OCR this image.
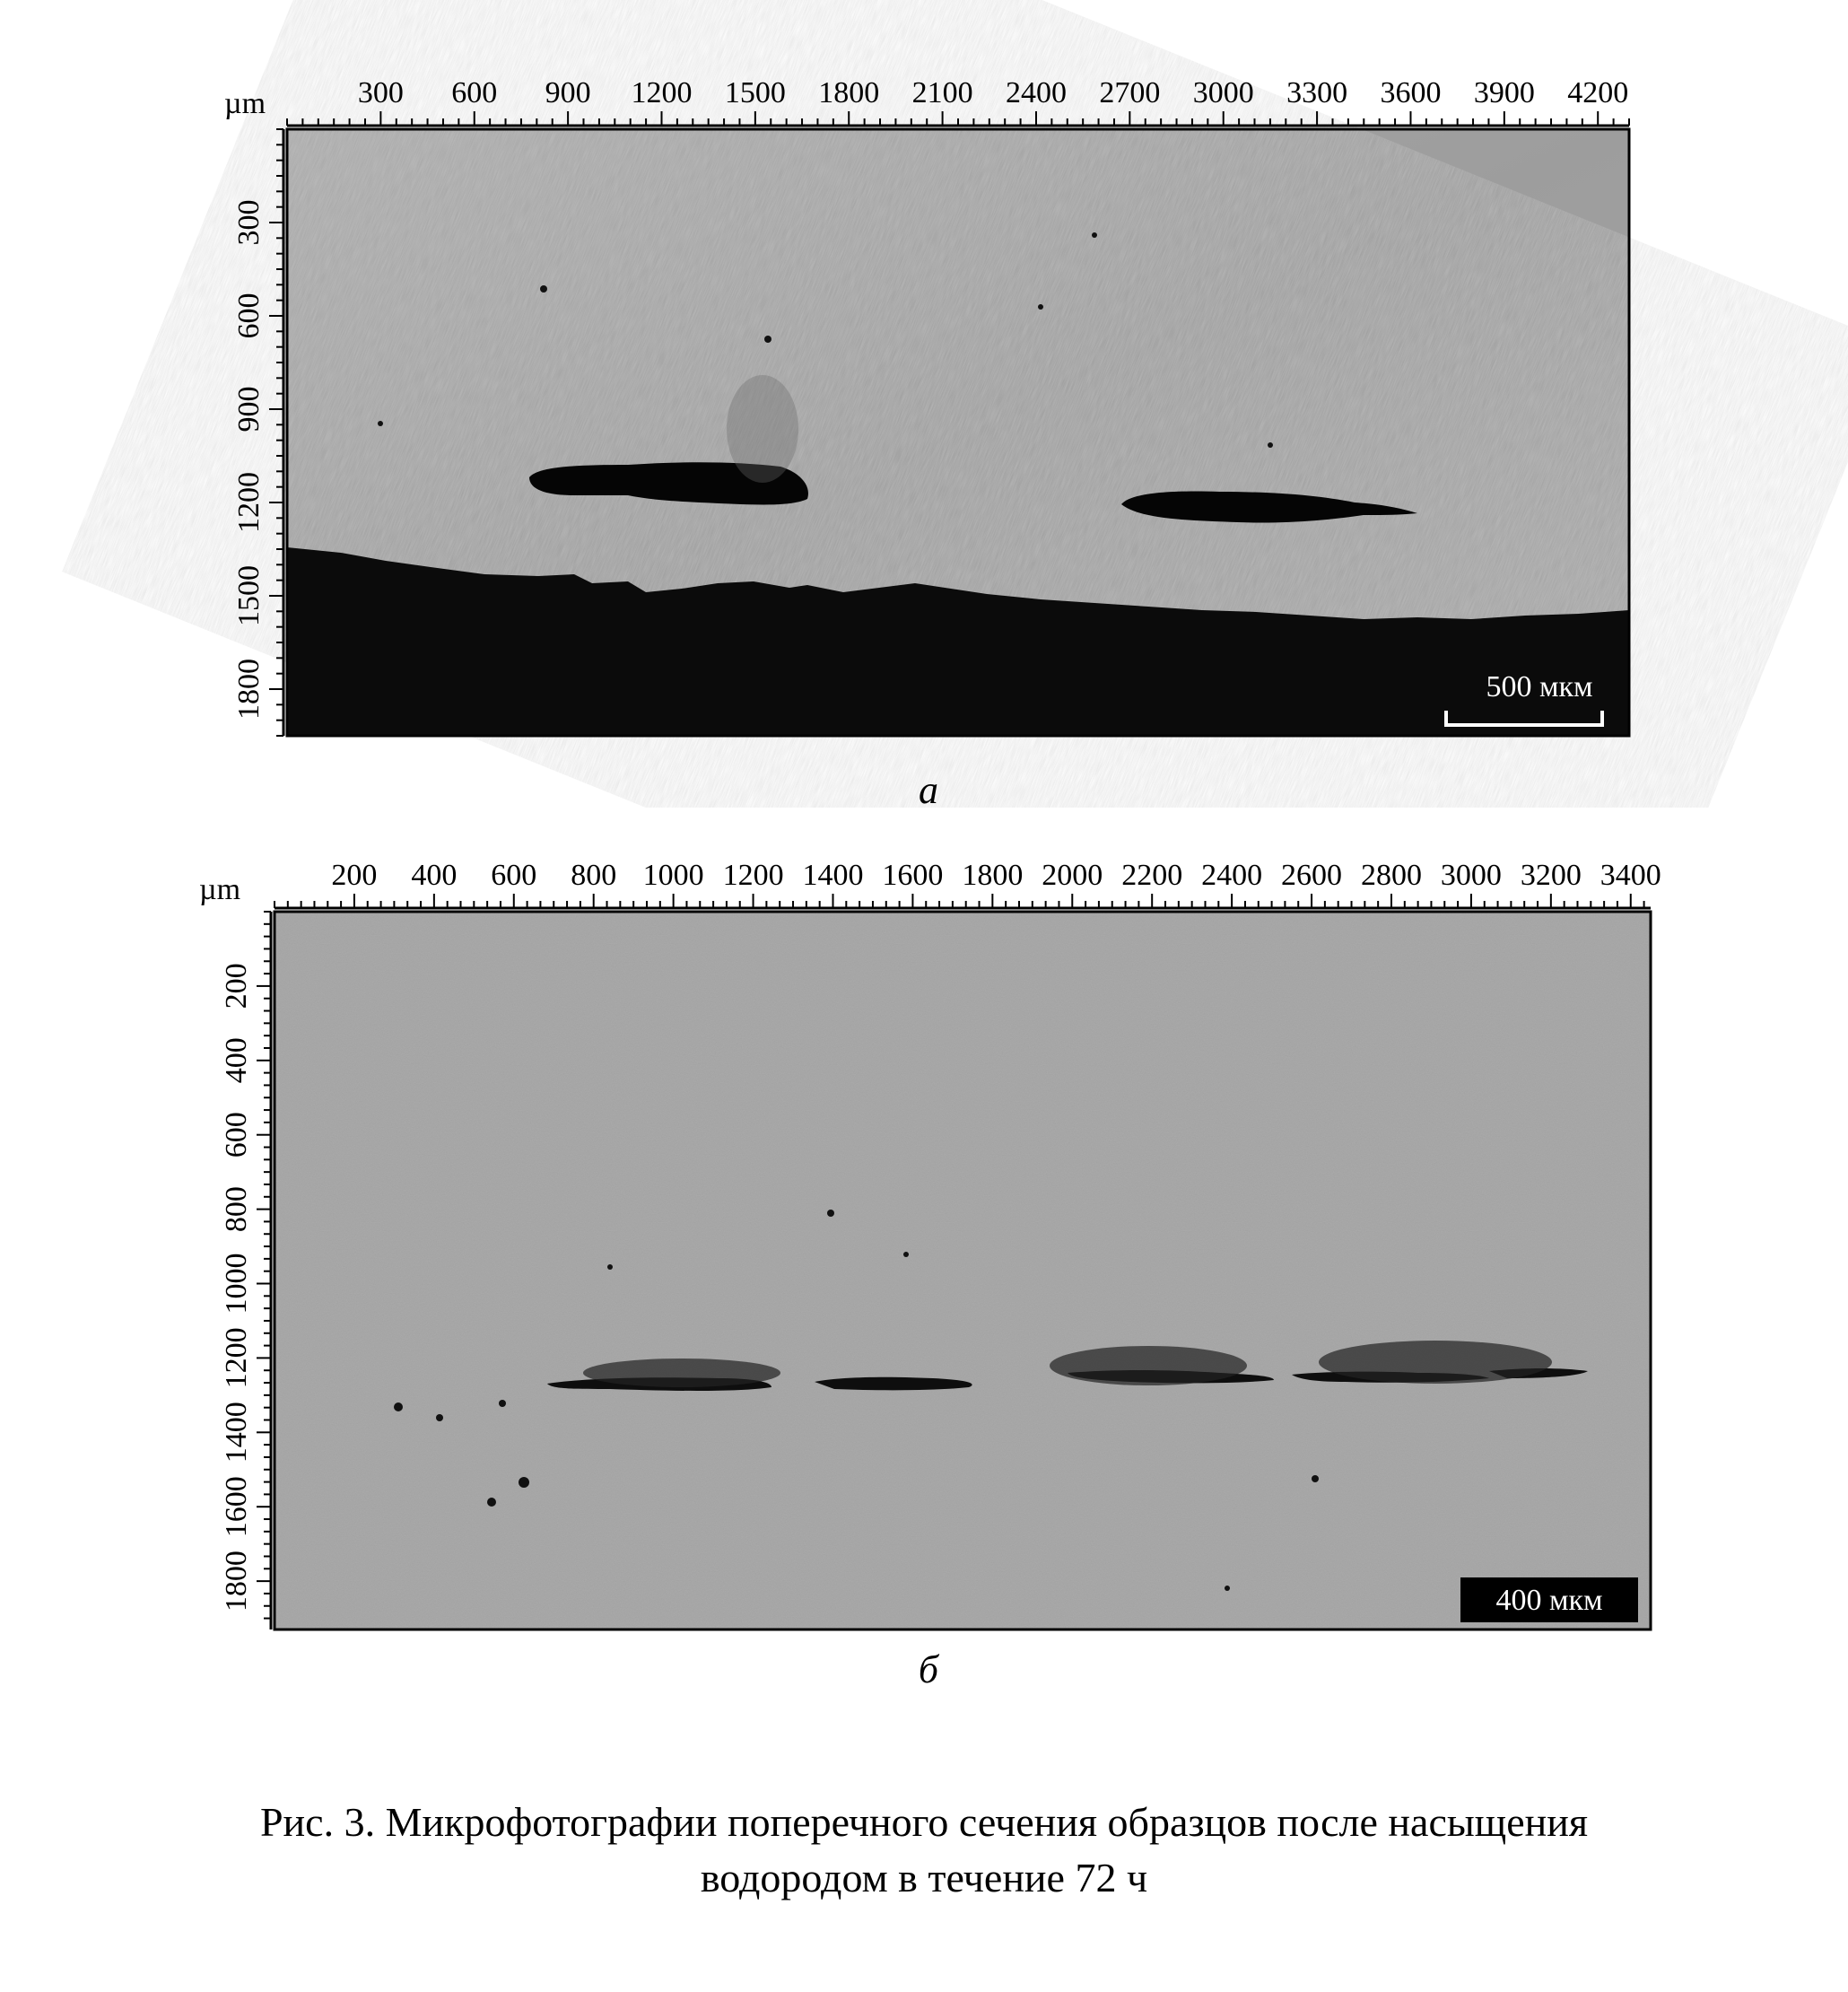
300 600 900 1200 1500 1800 2100 2400 2700 3000 3300 3600 3900 4200
300
600
900
1200
1500
1800
µm
500 мкм
а
200 400 600 800 1000 1200 1400 1600 1800 2000 2200 2400 2600 2800 3000 3200 3400
200
400
600
800
1000
1200
1400
1600
1800
µm
400 мкм
б
Рис. 3. Микрофотографии поперечного сечения образцов после насыщения
водородом в течение 72 ч
